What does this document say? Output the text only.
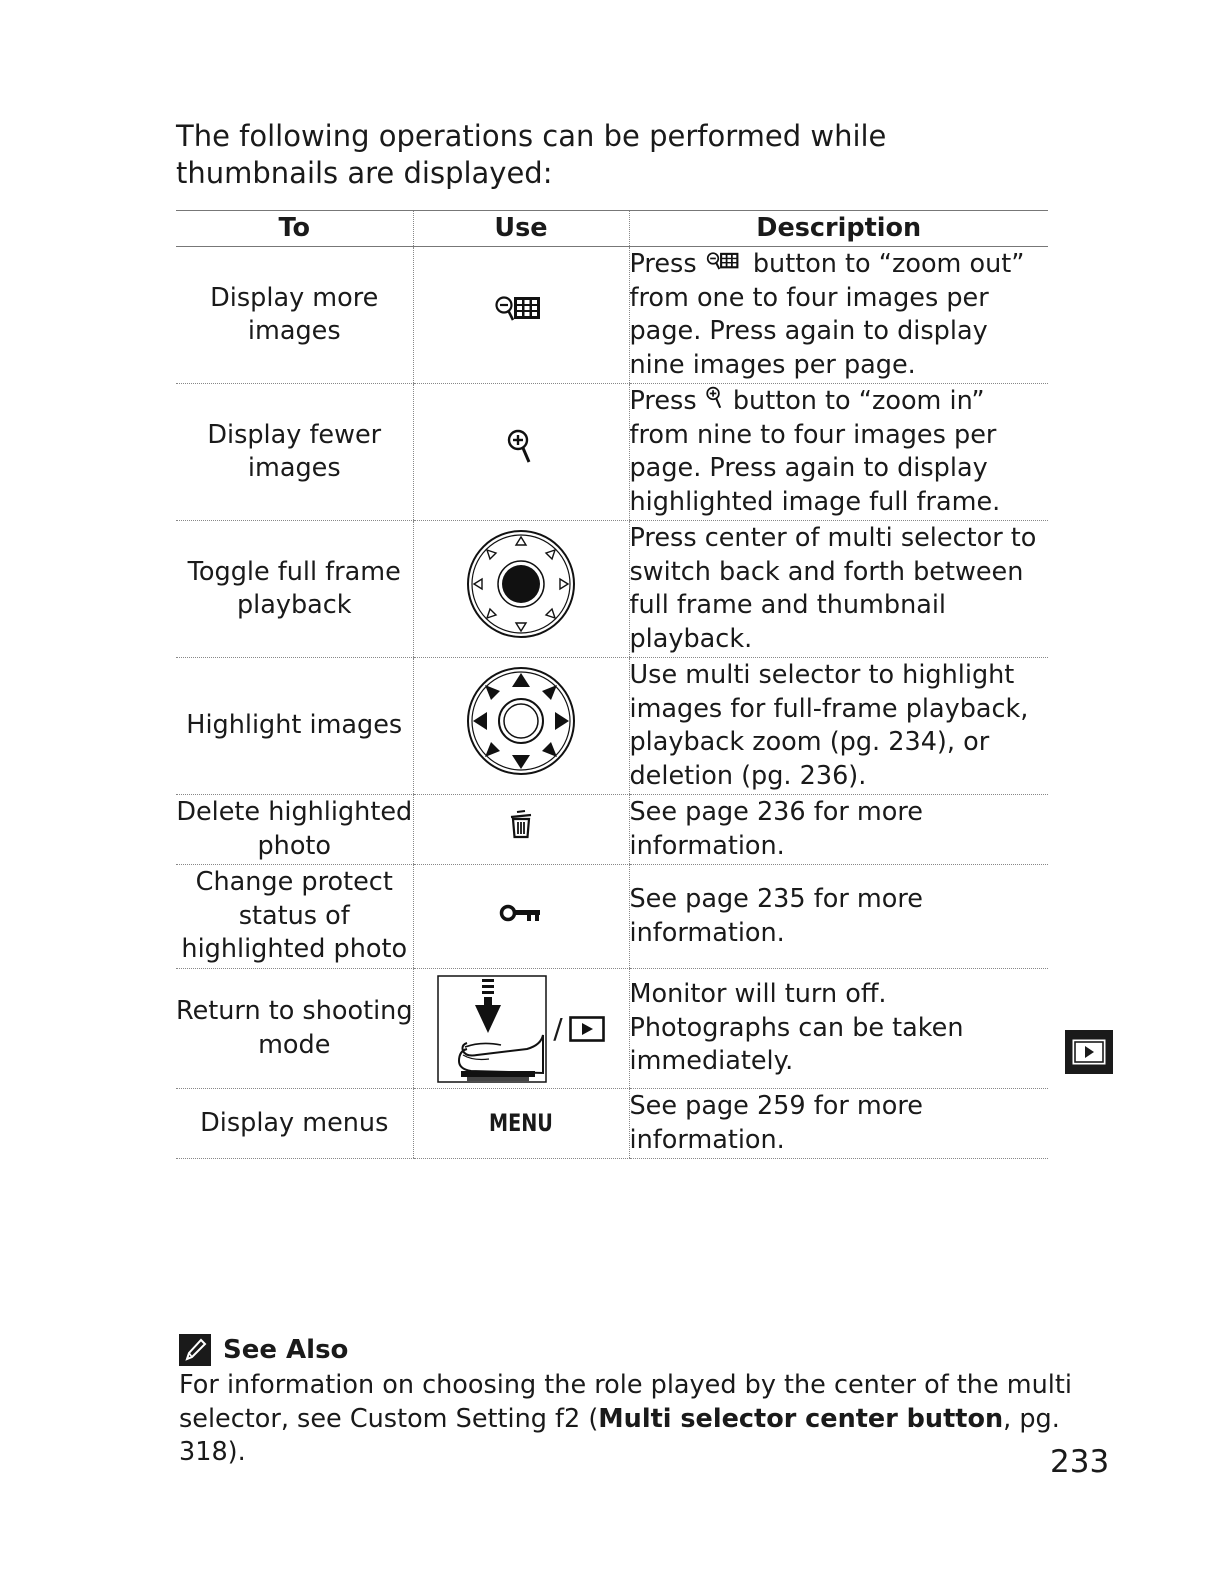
The following operations can be performed while thumbnails are displayed:

To	Use	Description
Display more images		Press button to “zoom out” from one to four images per page. Press again to display nine images per page.
Display fewer images		Press button to “zoom in” from nine to four images per page. Press again to display highlighted image full frame.
Toggle full frame playback		Press center of multi selector to switch back and forth between full frame and thumbnail playback.
Highlight images		Use multi selector to highlight images for full-frame playback, playback zoom (pg. 234), or deletion (pg. 236).
Delete highlighted photo		See page 236 for more information.
Change protect status of highlighted photo		See page 235 for more information.
Return to shooting mode	/	Monitor will turn off. Photographs can be taken immediately.
Display menus	MENU	See page 259 for more information.
See Also
For information on choosing the role played by the center of the multi selector, see Custom Setting f2 (Multi selector center button, pg. 318).	233
